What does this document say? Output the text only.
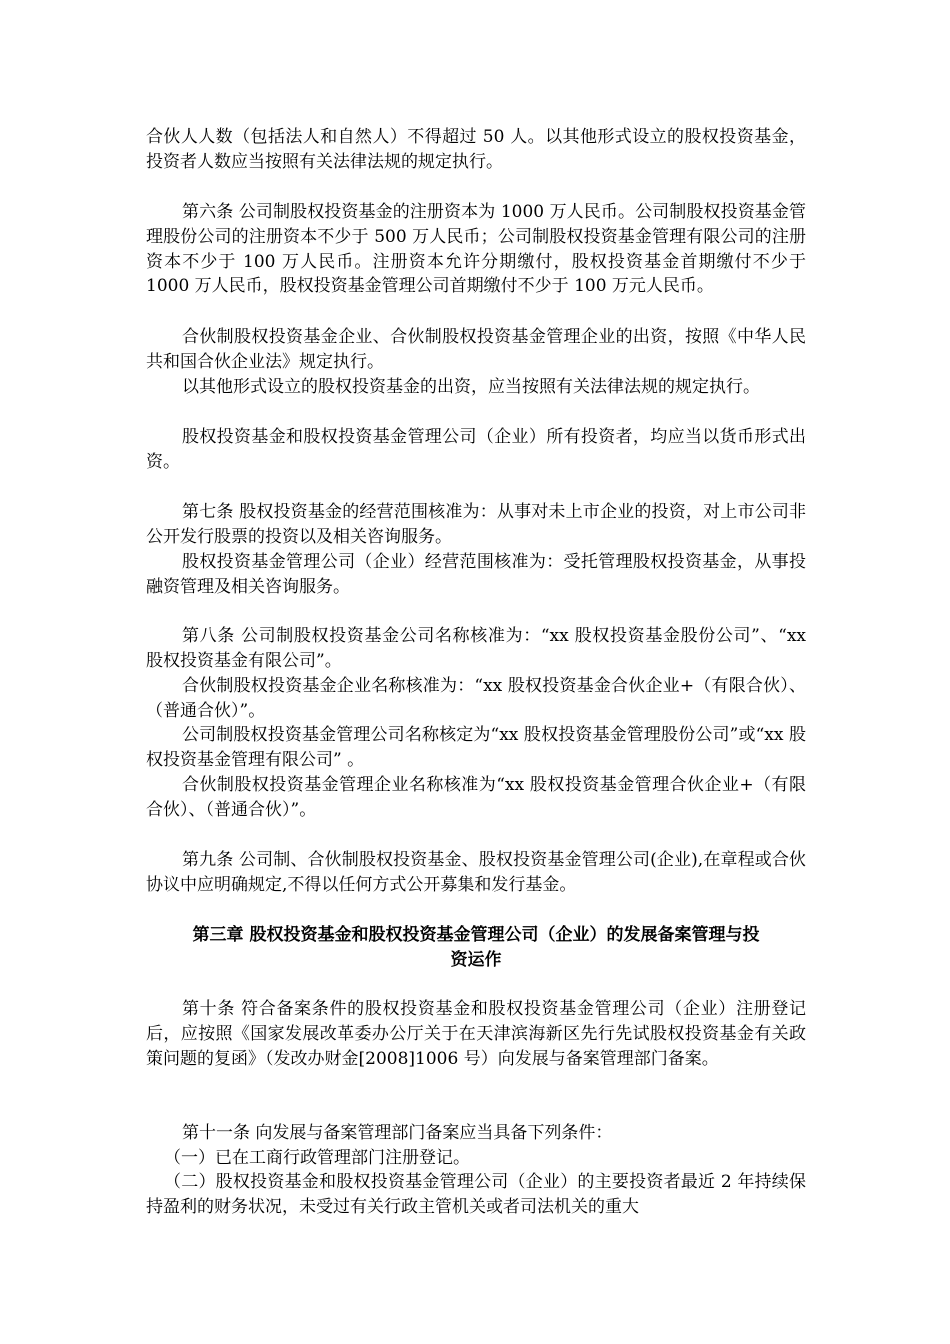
合伙人人数（包括法人和自然人）不得超过 50 人。以其他形式设立的股权投资基金，投资者人数应当按照有关法律法规的规定执行。

第六条 公司制股权投资基金的注册资本为 1000 万人民币。公司制股权投资基金管理股份公司的注册资本不少于 500 万人民币；公司制股权投资基金管理有限公司的注册资本不少于 100 万人民币。注册资本允许分期缴付，股权投资基金首期缴付不少于 1000 万人民币，股权投资基金管理公司首期缴付不少于 100 万元人民币。

合伙制股权投资基金企业、合伙制股权投资基金管理企业的出资，按照《中华人民共和国合伙企业法》规定执行。

以其他形式设立的股权投资基金的出资，应当按照有关法律法规的规定执行。

股权投资基金和股权投资基金管理公司（企业）所有投资者，均应当以货币形式出资。

第七条 股权投资基金的经营范围核准为：从事对未上市企业的投资，对上市公司非公开发行股票的投资以及相关咨询服务。

股权投资基金管理公司（企业）经营范围核准为：受托管理股权投资基金，从事投融资管理及相关咨询服务。

第八条 公司制股权投资基金公司名称核准为：“xx 股权投资基金股份公司”、“xx 股权投资基金有限公司”。

合伙制股权投资基金企业名称核准为：“xx 股权投资基金合伙企业+（有限合伙）、（普通合伙）”。

公司制股权投资基金管理公司名称核定为“xx 股权投资基金管理股份公司”或“xx 股权投资基金管理有限公司” 。

合伙制股权投资基金管理企业名称核准为“xx 股权投资基金管理合伙企业+（有限合伙）、（普通合伙）”。

第九条 公司制、合伙制股权投资基金、股权投资基金管理公司(企业),在章程或合伙协议中应明确规定,不得以任何方式公开募集和发行基金。

第三章 股权投资基金和股权投资基金管理公司（企业）的发展备案管理与投
资运作

第十条 符合备案条件的股权投资基金和股权投资基金管理公司（企业）注册登记后，应按照《国家发展改革委办公厅关于在天津滨海新区先行先试股权投资基金有关政策问题的复函》（发改办财金[2008]1006 号）向发展与备案管理部门备案。

第十一条 向发展与备案管理部门备案应当具备下列条件：

（一）已在工商行政管理部门注册登记。

（二）股权投资基金和股权投资基金管理公司（企业）的主要投资者最近 2 年持续保持盈利的财务状况，未受过有关行政主管机关或者司法机关的重大
